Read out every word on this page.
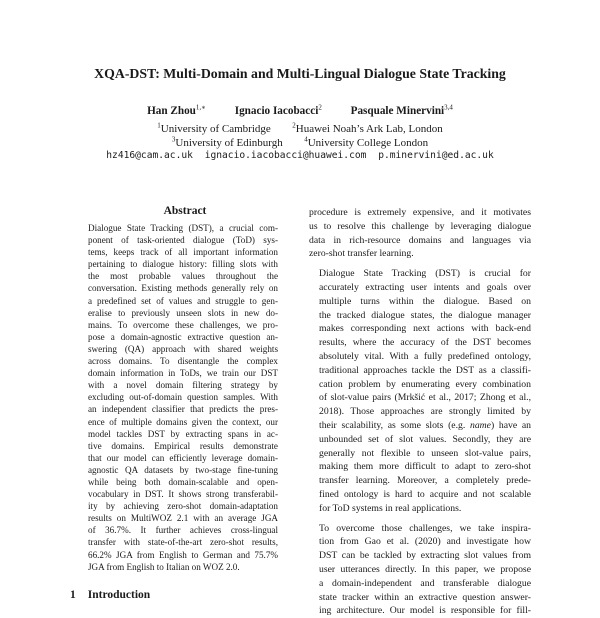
XQA-DST: Multi-Domain and Multi-Lingual Dialogue State Tracking
Han Zhou$^{1,∗}$	Ignacio Iacobacci$^2$	Pasquale Minervini$^{3,4}$
$^1$University of Cambridge	$^2$Huawei Noah’s Ark Lab, London
$^3$University of Edinburgh	$^4$University College London
hz416@cam.ac.uk ignacio.iacobacci@huawei.com p.minervini@ed.ac.uk
Abstract
Dialogue State Tracking (DST), a crucial com-
ponent of task-oriented dialogue (ToD) sys-
tems, keeps track of all important information
pertaining to dialogue history: filling slots with
the most probable values throughout the
conversation. Existing methods generally rely on
a predefined set of values and struggle to gen-
eralise to previously unseen slots in new do-
mains. To overcome these challenges, we pro-
pose a domain-agnostic extractive question an-
swering (QA) approach with shared weights
across domains. To disentangle the complex
domain information in ToDs, we train our DST
with a novel domain filtering strategy by
excluding out-of-domain question samples. With
an independent classifier that predicts the pres-
ence of multiple domains given the context, our
model tackles DST by extracting spans in ac-
tive domains. Empirical results demonstrate
that our model can efficiently leverage domain-
agnostic QA datasets by two-stage fine-tuning
while being both domain-scalable and open-
vocabulary in DST. It shows strong transferabil-
ity by achieving zero-shot domain-adaptation
results on MultiWOZ 2.1 with an average JGA
of 36.7%. It further achieves cross-lingual
transfer with state-of-the-art zero-shot results,
66.2% JGA from English to German and 75.7%
JGA from English to Italian on WOZ 2.0.
1 Introduction

procedure is extremely expensive, and it motivates
us to resolve this challenge by leveraging dialogue
data in rich-resource domains and languages via
zero-shot transfer learning.

Dialogue State Tracking (DST) is crucial for
accurately extracting user intents and goals over
multiple turns within the dialogue. Based on
the tracked dialogue states, the dialogue manager
makes corresponding next actions with back-end
results, where the accuracy of the DST becomes
absolutely vital. With a fully predefined ontology,
traditional approaches tackle the DST as a classifi-
cation problem by enumerating every combination
of slot-value pairs (Mrkšić et al., 2017; Zhong et al.,
2018). Those approaches are strongly limited by
their scalability, as some slots (e.g. name) have an
unbounded set of slot values. Secondly, they are
generally not flexible to unseen slot-value pairs,
making them more difficult to adapt to zero-shot
transfer learning. Moreover, a completely prede-
fined ontology is hard to acquire and not scalable
for ToD systems in real applications.

To overcome those challenges, we take inspira-
tion from Gao et al. (2020) and investigate how
DST can be tackled by extracting slot values from
user utterances directly. In this paper, we propose
a domain-independent and transferable dialogue
state tracker within an extractive question answer-
ing architecture. Our model is responsible for fill-
